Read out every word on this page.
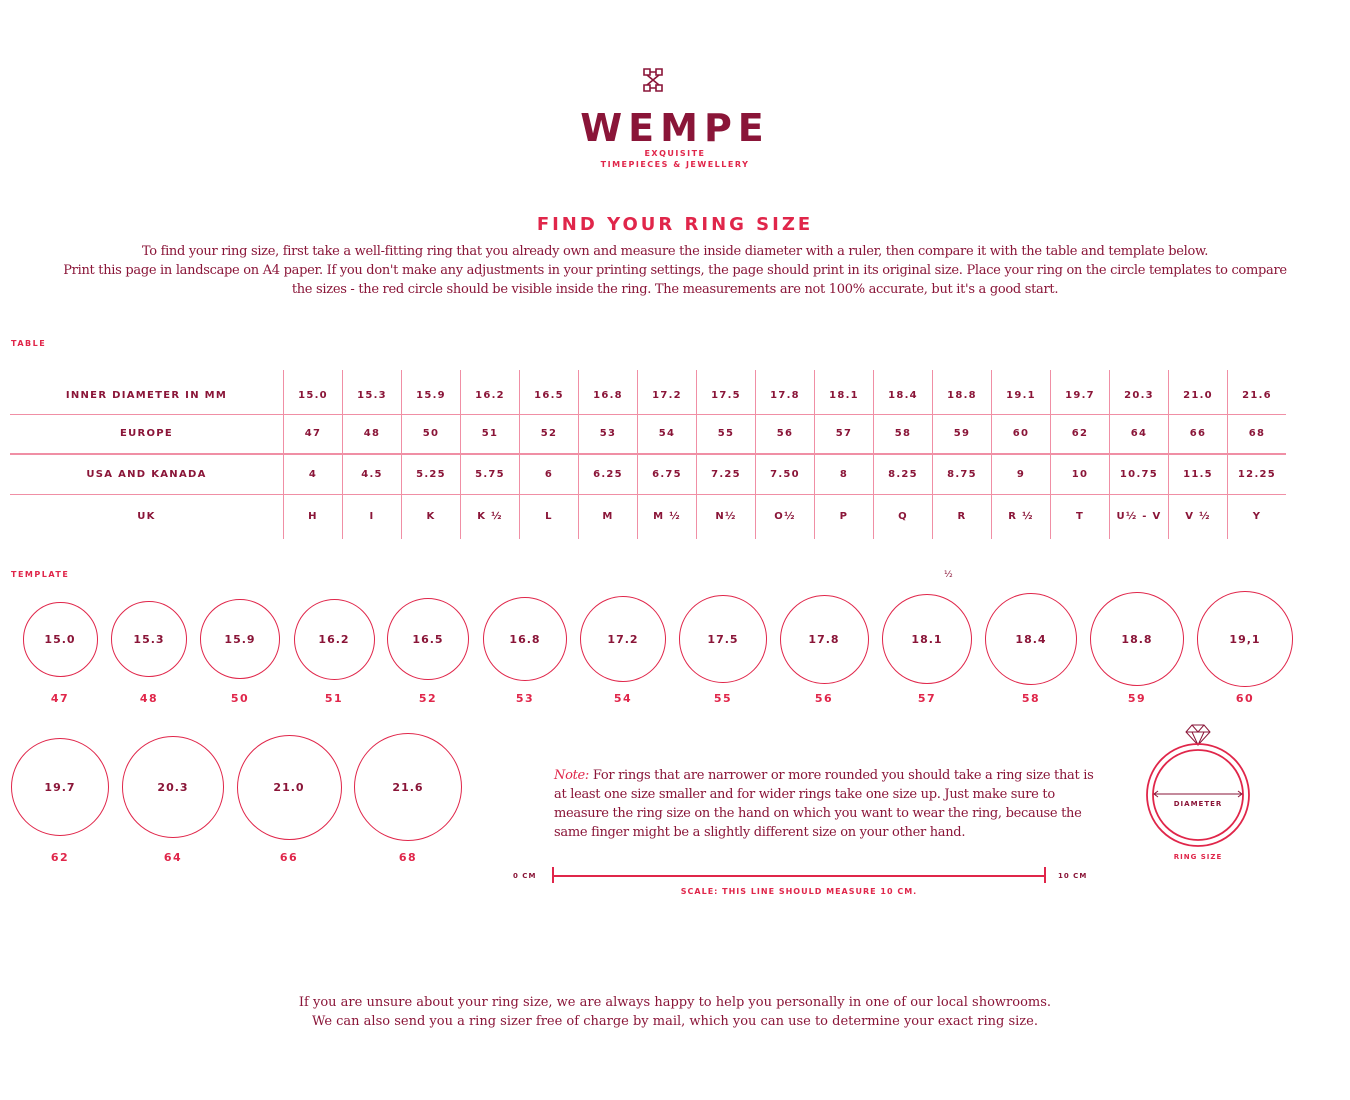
WEMPE
EXQUISITE
TIMEPIECES & JEWELLERY
FIND YOUR RING SIZE
To find your ring size, first take a well-fitting ring that you already own and measure the inside diameter with a ruler, then compare it with the table and template below.
Print this page in landscape on A4 paper. If you don't make any adjustments in your printing settings, the page should print in its original size. Place your ring on the circle templates to compare
the sizes - the red circle should be visible inside the ring. The measurements are not 100% accurate, but it's a good start.
TABLE
INNER DIAMETER IN MM	15.0	15.3	15.9	16.2	16.5	16.8	17.2	17.5	17.8	18.1	18.4	18.8	19.1	19.7	20.3	21.0	21.6
EUROPE	47	48	50	51	52	53	54	55	56	57	58	59	60	62	64	66	68
USA AND KANADA	4	4.5	5.25	5.75	6	6.25	6.75	7.25	7.50	8	8.25	8.75	9	10	10.75	11.5	12.25
UK	H	I	K	K ½	L	M	M ½	N½	O½	P	Q	R	R ½	T	U½ - V	V ½	Y
TEMPLATE	½
15.0
47
15.3
48
15.9
50
16.2
51
16.5
52
16.8
53
17.2
54
17.5
55
17.8
56
18.1
57
18.4
58
18.8
59
19,1
60
19.7
62
20.3
64
21.0
66
21.6
68
Note: For rings that are narrower or more rounded you should take a ring size that is at least one size smaller and for wider rings take one size up. Just make sure to measure the ring size on the hand on which you want to wear the ring, because the same finger might be a slightly different size on your other hand.
0 CM	10 CM
SCALE: THIS LINE SHOULD MEASURE 10 CM.
DIAMETER
RING SIZE
If you are unsure about your ring size, we are always happy to help you personally in one of our local showrooms.
We can also send you a ring sizer free of charge by mail, which you can use to determine your exact ring size.
